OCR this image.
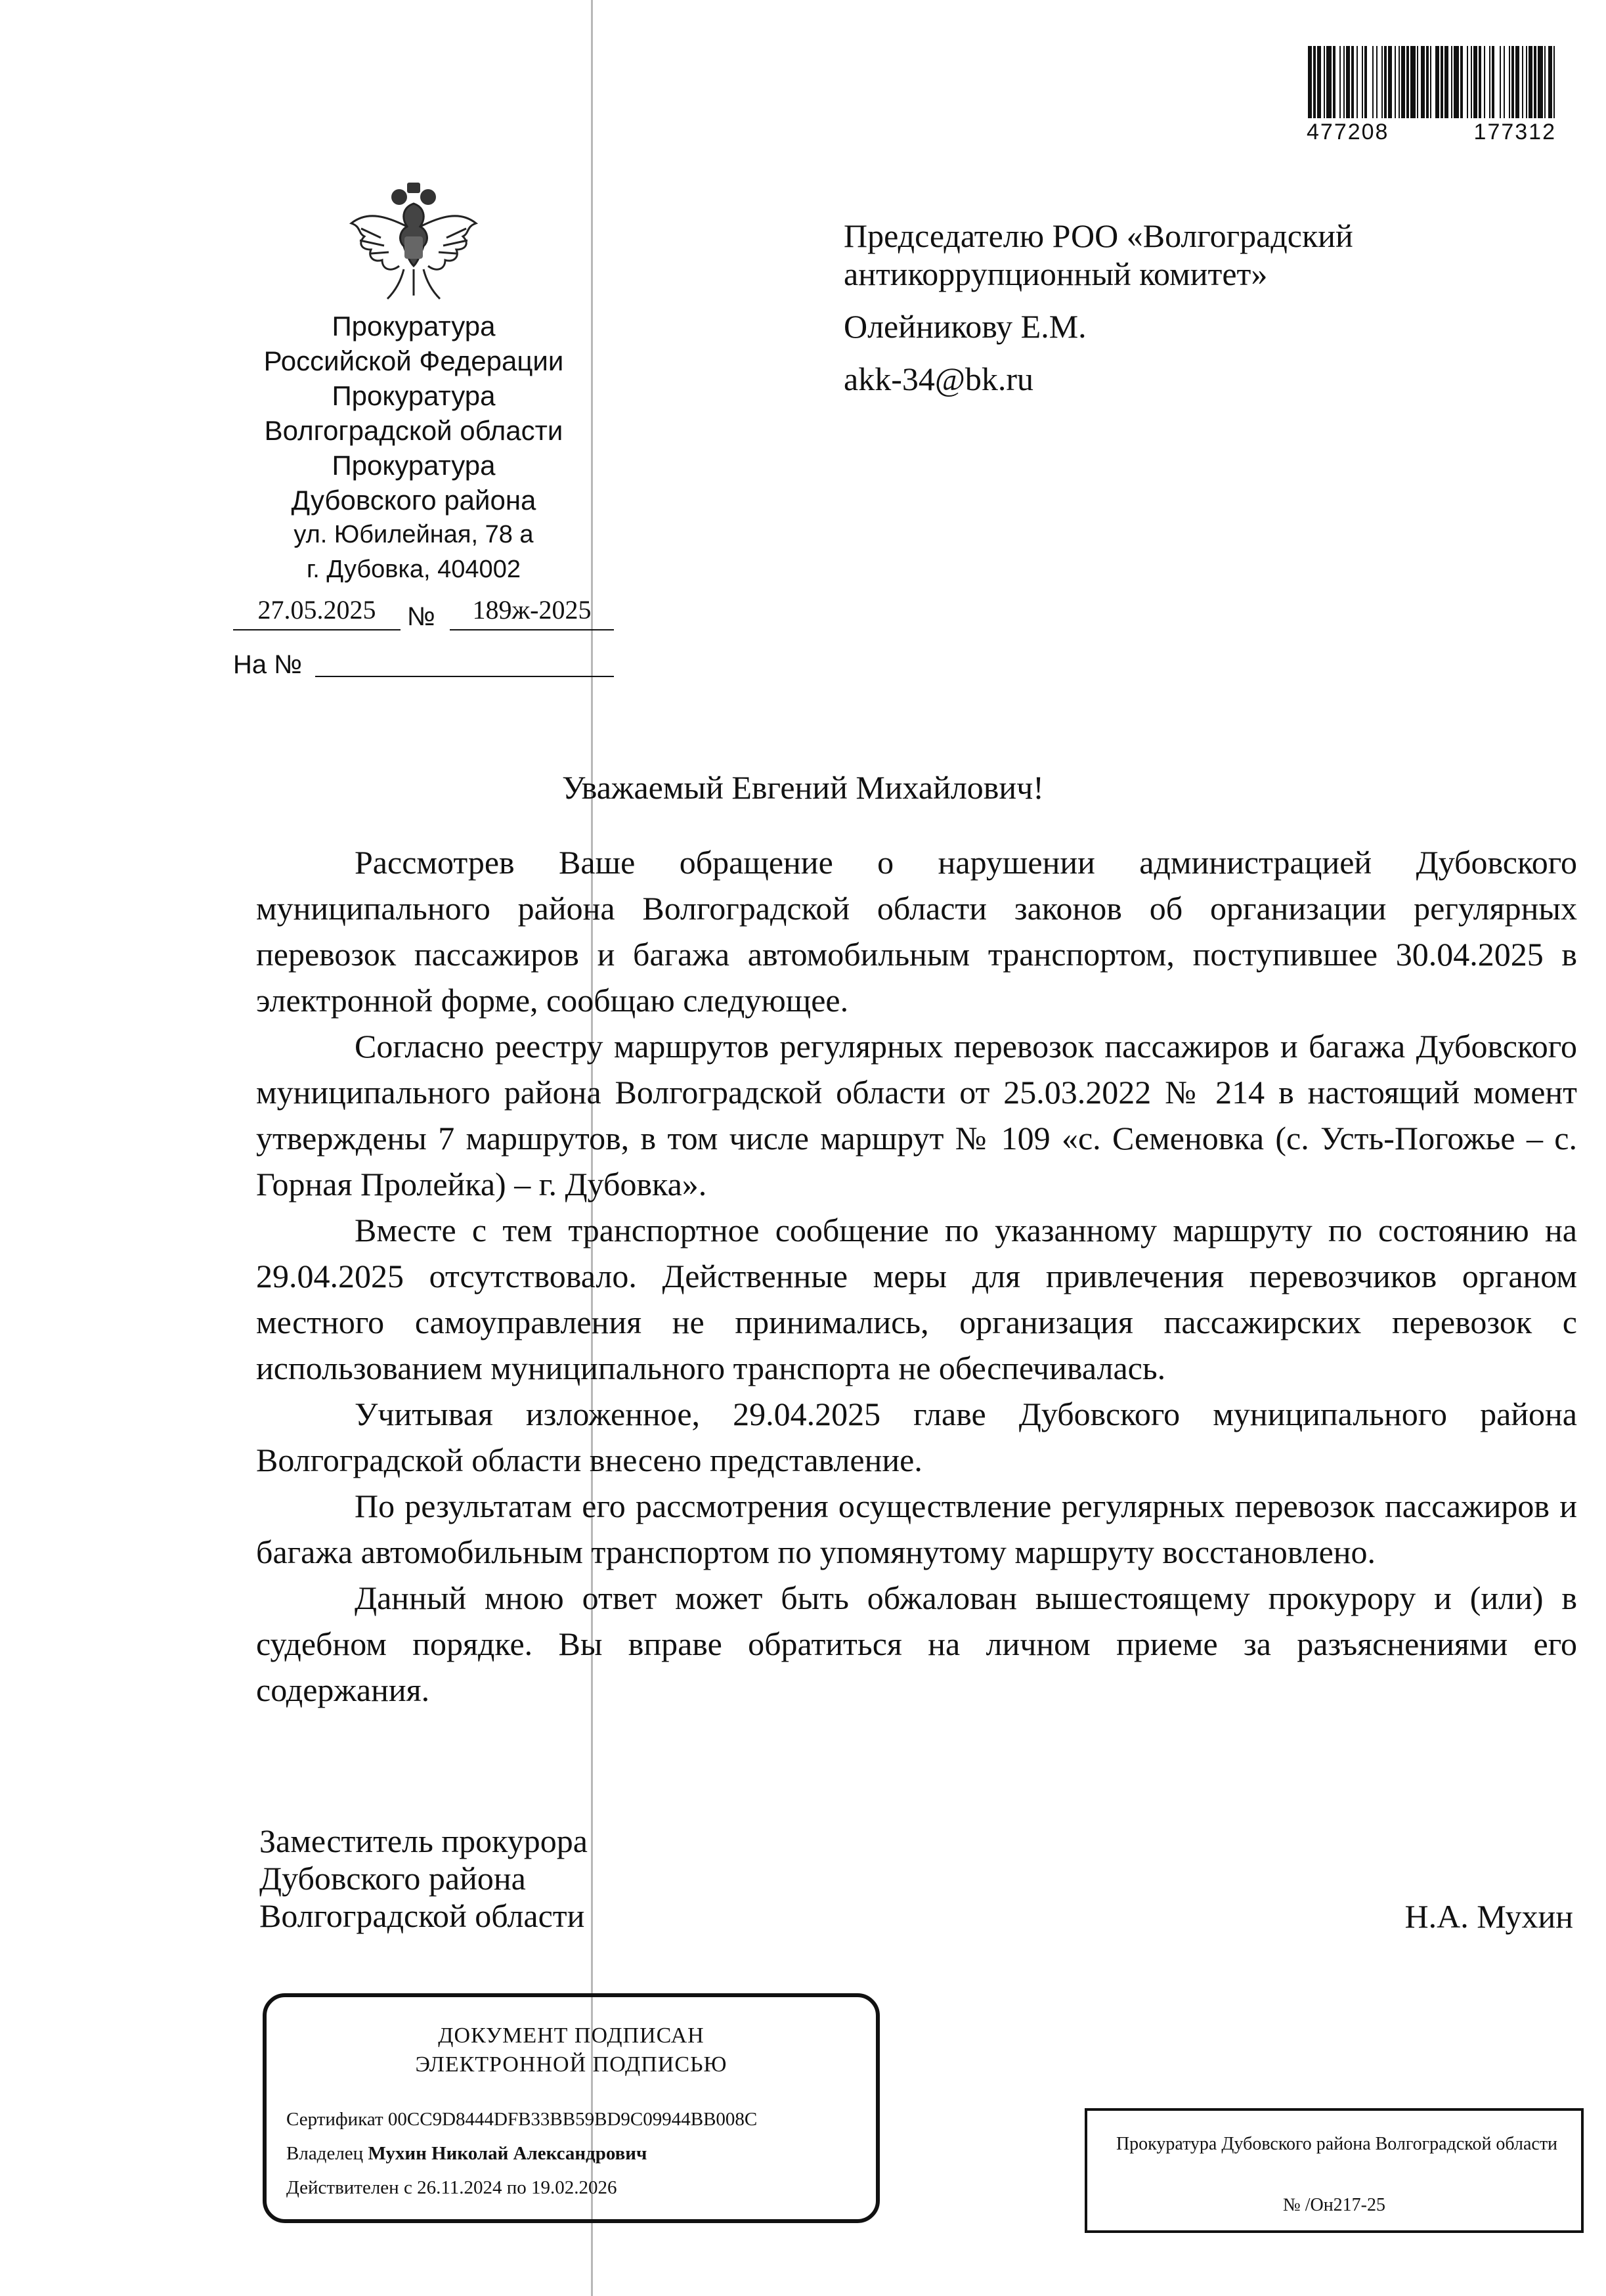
477208	177312
Прокуратура
Российской Федерации
Прокуратура
Волгоградской области
Прокуратура
Дубовского района
ул. Юбилейная, 78 а
г. Дубовка, 404002
27.05.2025	№	189ж-2025
На №
Председателю РОО «Волгоградский
антикоррупционный комитет»
Олейникову Е.М.
akk-34@bk.ru
Уважаемый Евгений Михайлович!

Рассмотрев Ваше обращение о нарушении администрацией Дубовского муниципального района Волгоградской области законов об организации регулярных перевозок пассажиров и багажа автомобильным транспортом, поступившее 30.04.2025 в электронной форме, сообщаю следующее.

Согласно реестру маршрутов регулярных перевозок пассажиров и багажа Дубовского муниципального района Волгоградской области от 25.03.2022 № 214 в настоящий момент утверждены 7 маршрутов, в том числе маршрут № 109 «с. Семеновка (с. Усть-Погожье – с. Горная Пролейка) – г. Дубовка».

Вместе с тем транспортное сообщение по указанному маршруту по состоянию на 29.04.2025 отсутствовало. Действенные меры для привлечения перевозчиков органом местного самоуправления не принимались, организация пассажирских перевозок с использованием муниципального транспорта не обеспечивалась.

Учитывая изложенное, 29.04.2025 главе Дубовского муниципального района Волгоградской области внесено представление.

По результатам его рассмотрения осуществление регулярных перевозок пассажиров и багажа автомобильным транспортом по упомянутому маршруту восстановлено.

Данный мною ответ может быть обжалован вышестоящему прокурору и (или) в судебном порядке. Вы вправе обратиться на личном приеме за разъяснениями его содержания.

Заместитель прокурора
Дубовского района
Волгоградской области	Н.А. Мухин
ДОКУМЕНТ ПОДПИСАН
ЭЛЕКТРОННОЙ ПОДПИСЬЮ
Сертификат 00CC9D8444DFB33BB59BD9C09944BB008C
Владелец Мухин Николай Александрович
Действителен с 26.11.2024 по 19.02.2026
Прокуратура Дубовского района Волгоградской области
№ /Он217-25
